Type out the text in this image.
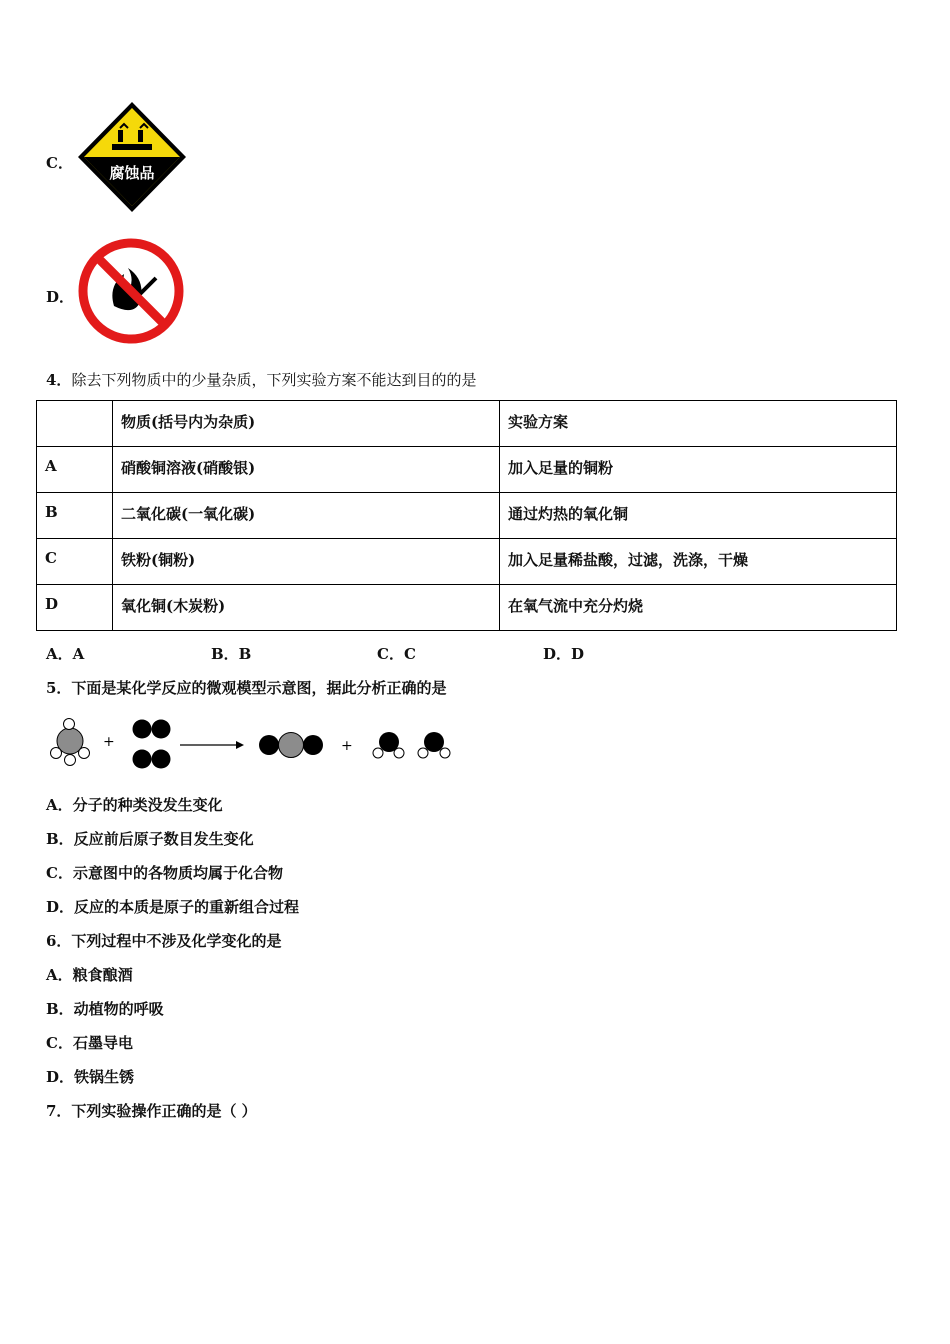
C．
腐蚀品
D．
4．除去下列物质中的少量杂质，下列实验方案不能达到目的的是
	物质(括号内为杂质)	实验方案
A	硝酸铜溶液(硝酸银)	加入足量的铜粉
B	二氧化碳(一氧化碳)	通过灼热的氧化铜
C	铁粉(铜粉)	加入足量稀盐酸，过滤，洗涤，干燥
D	氧化铜(木炭粉)	在氧气流中充分灼烧
A．A	B．B	C．C	D．D
5．下面是某化学反应的微观模型示意图，据此分析正确的是
+	+
A．分子的种类没发生变化
B．反应前后原子数目发生变化
C．示意图中的各物质均属于化合物
D．反应的本质是原子的重新组合过程
6．下列过程中不涉及化学变化的是
A．粮食酿酒
B．动植物的呼吸
C．石墨导电
D．铁锅生锈
7．下列实验操作正确的是（ ）
